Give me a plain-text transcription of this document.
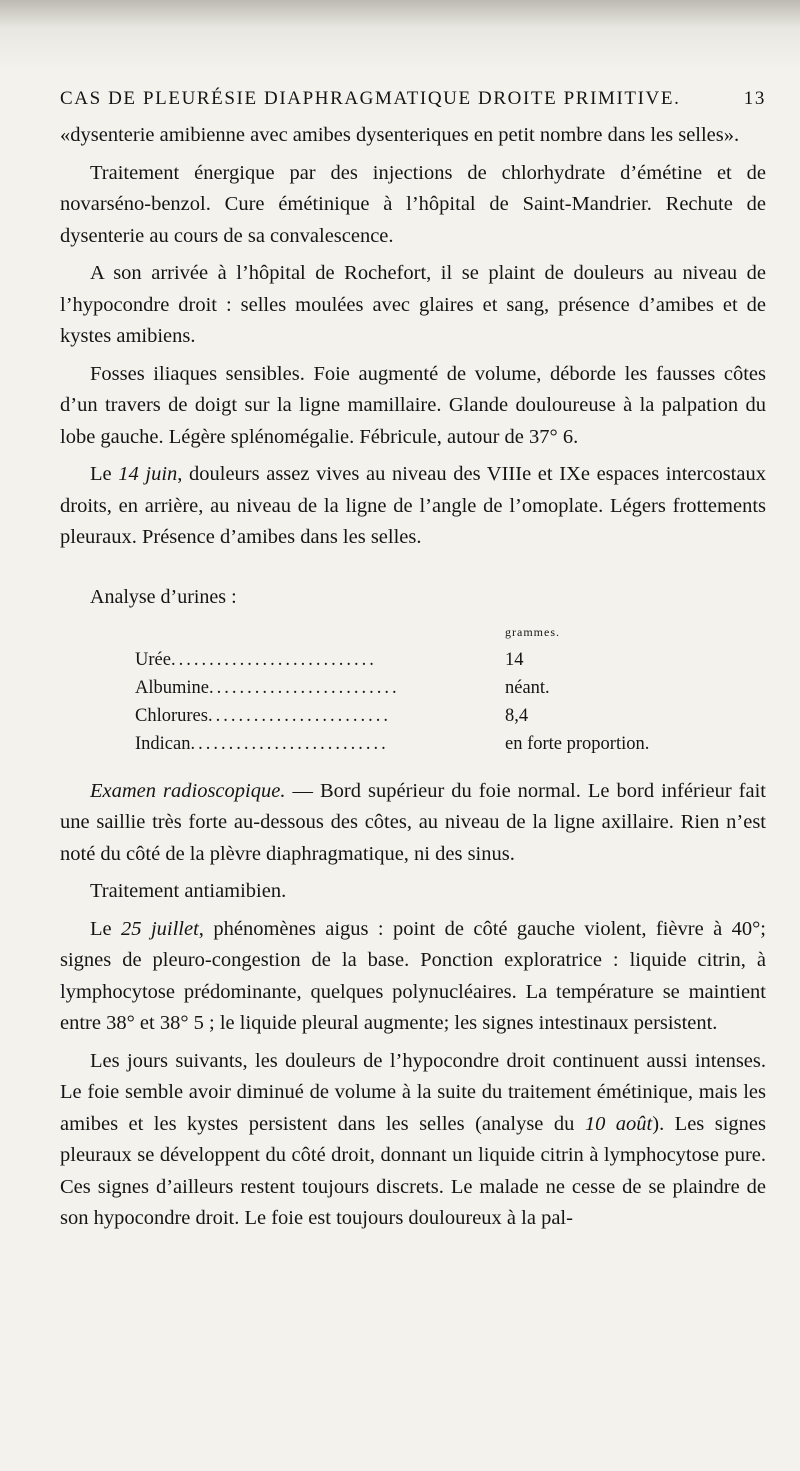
CAS DE PLEURÉSIE DIAPHRAGMATIQUE DROITE PRIMITIVE.	13

«dysenterie amibienne avec amibes dysenteriques en petit nombre dans les selles».

Traitement énergique par des injections de chlorhydrate d’émétine et de novarséno-benzol. Cure émétinique à l’hôpital de Saint-Mandrier. Rechute de dysenterie au cours de sa convalescence.

A son arrivée à l’hôpital de Rochefort, il se plaint de douleurs au niveau de l’hypocondre droit : selles moulées avec glaires et sang, présence d’amibes et de kystes amibiens.

Fosses iliaques sensibles. Foie augmenté de volume, déborde les fausses côtes d’un travers de doigt sur la ligne mamillaire. Glande douloureuse à la palpation du lobe gauche. Légère splénomégalie. Fébricule, autour de 37° 6.

Le 14 juin, douleurs assez vives au niveau des VIIIe et IXe espaces intercostaux droits, en arrière, au niveau de la ligne de l’angle de l’omoplate. Légers frottements pleuraux. Présence d’amibes dans les selles.

Analyse d’urines :
	grammes.
Urée...........................	14
Albumine.........................	néant.
Chlorures........................	8,4
Indican..........................	en forte proportion.

Examen radioscopique. — Bord supérieur du foie normal. Le bord inférieur fait une saillie très forte au-dessous des côtes, au niveau de la ligne axillaire. Rien n’est noté du côté de la plèvre diaphragmatique, ni des sinus.

Traitement antiamibien.

Le 25 juillet, phénomènes aigus : point de côté gauche violent, fièvre à 40°; signes de pleuro-congestion de la base. Ponction exploratrice : liquide citrin, à lymphocytose prédominante, quelques polynucléaires. La température se maintient entre 38° et 38° 5 ; le liquide pleural augmente; les signes intestinaux persistent.

Les jours suivants, les douleurs de l’hypocondre droit continuent aussi intenses. Le foie semble avoir diminué de volume à la suite du traitement émétinique, mais les amibes et les kystes persistent dans les selles (analyse du 10 août). Les signes pleuraux se développent du côté droit, donnant un liquide citrin à lymphocytose pure. Ces signes d’ailleurs restent toujours discrets. Le malade ne cesse de se plaindre de son hypocondre droit. Le foie est toujours douloureux à la pal-
